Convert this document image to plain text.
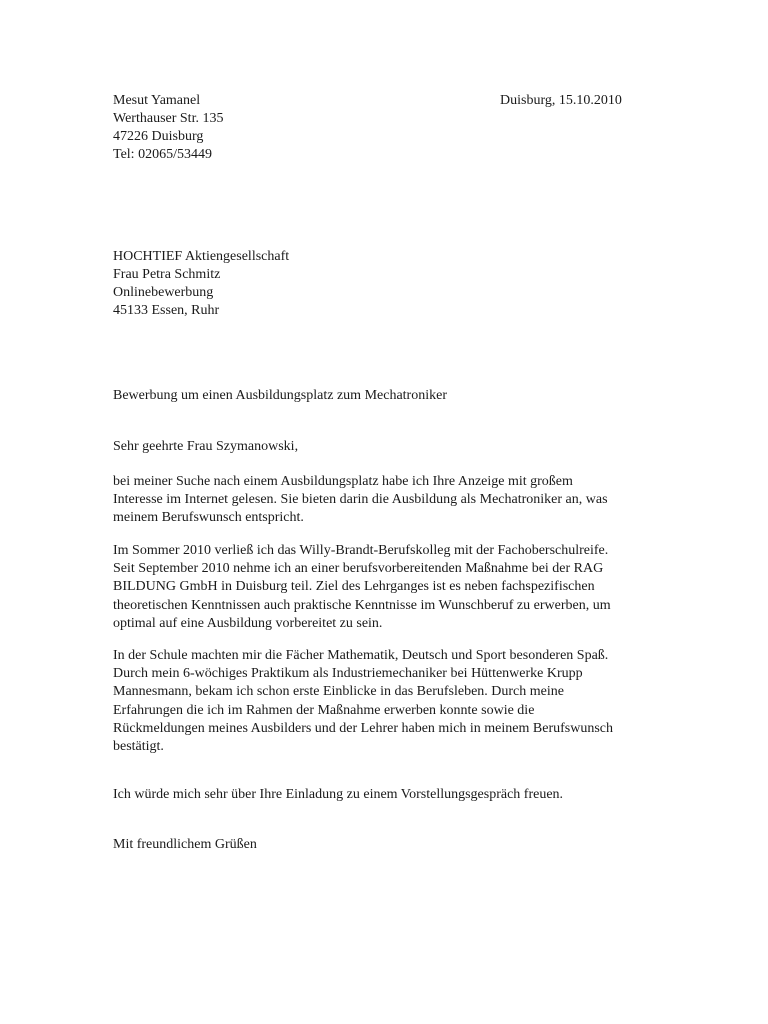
Mesut Yamanel	Duisburg, 15.10.2010
Werthauser Str. 135
47226 Duisburg
Tel: 02065/53449
HOCHTIEF Aktiengesellschaft
Frau Petra Schmitz
Onlinebewerbung
45133 Essen, Ruhr
Bewerbung um einen Ausbildungsplatz zum Mechatroniker
Sehr geehrte Frau Szymanowski,
bei meiner Suche nach einem Ausbildungsplatz habe ich Ihre Anzeige mit großem
Interesse im Internet gelesen. Sie bieten darin die Ausbildung als Mechatroniker an, was
meinem Berufswunsch entspricht.
Im Sommer 2010 verließ ich das Willy-Brandt-Berufskolleg mit der Fachoberschulreife.
Seit September 2010 nehme ich an einer berufsvorbereitenden Maßnahme bei der RAG
BILDUNG GmbH in Duisburg teil. Ziel des Lehrganges ist es neben fachspezifischen
theoretischen Kenntnissen auch praktische Kenntnisse im Wunschberuf zu erwerben, um
optimal auf eine Ausbildung vorbereitet zu sein.
In der Schule machten mir die Fächer Mathematik, Deutsch und Sport besonderen Spaß.
Durch mein 6-wöchiges Praktikum als Industriemechaniker bei Hüttenwerke Krupp
Mannesmann, bekam ich schon erste Einblicke in das Berufsleben. Durch meine
Erfahrungen die ich im Rahmen der Maßnahme erwerben konnte sowie die
Rückmeldungen meines Ausbilders und der Lehrer haben mich in meinem Berufswunsch
bestätigt.
Ich würde mich sehr über Ihre Einladung zu einem Vorstellungsgespräch freuen.
Mit freundlichem Grüßen
